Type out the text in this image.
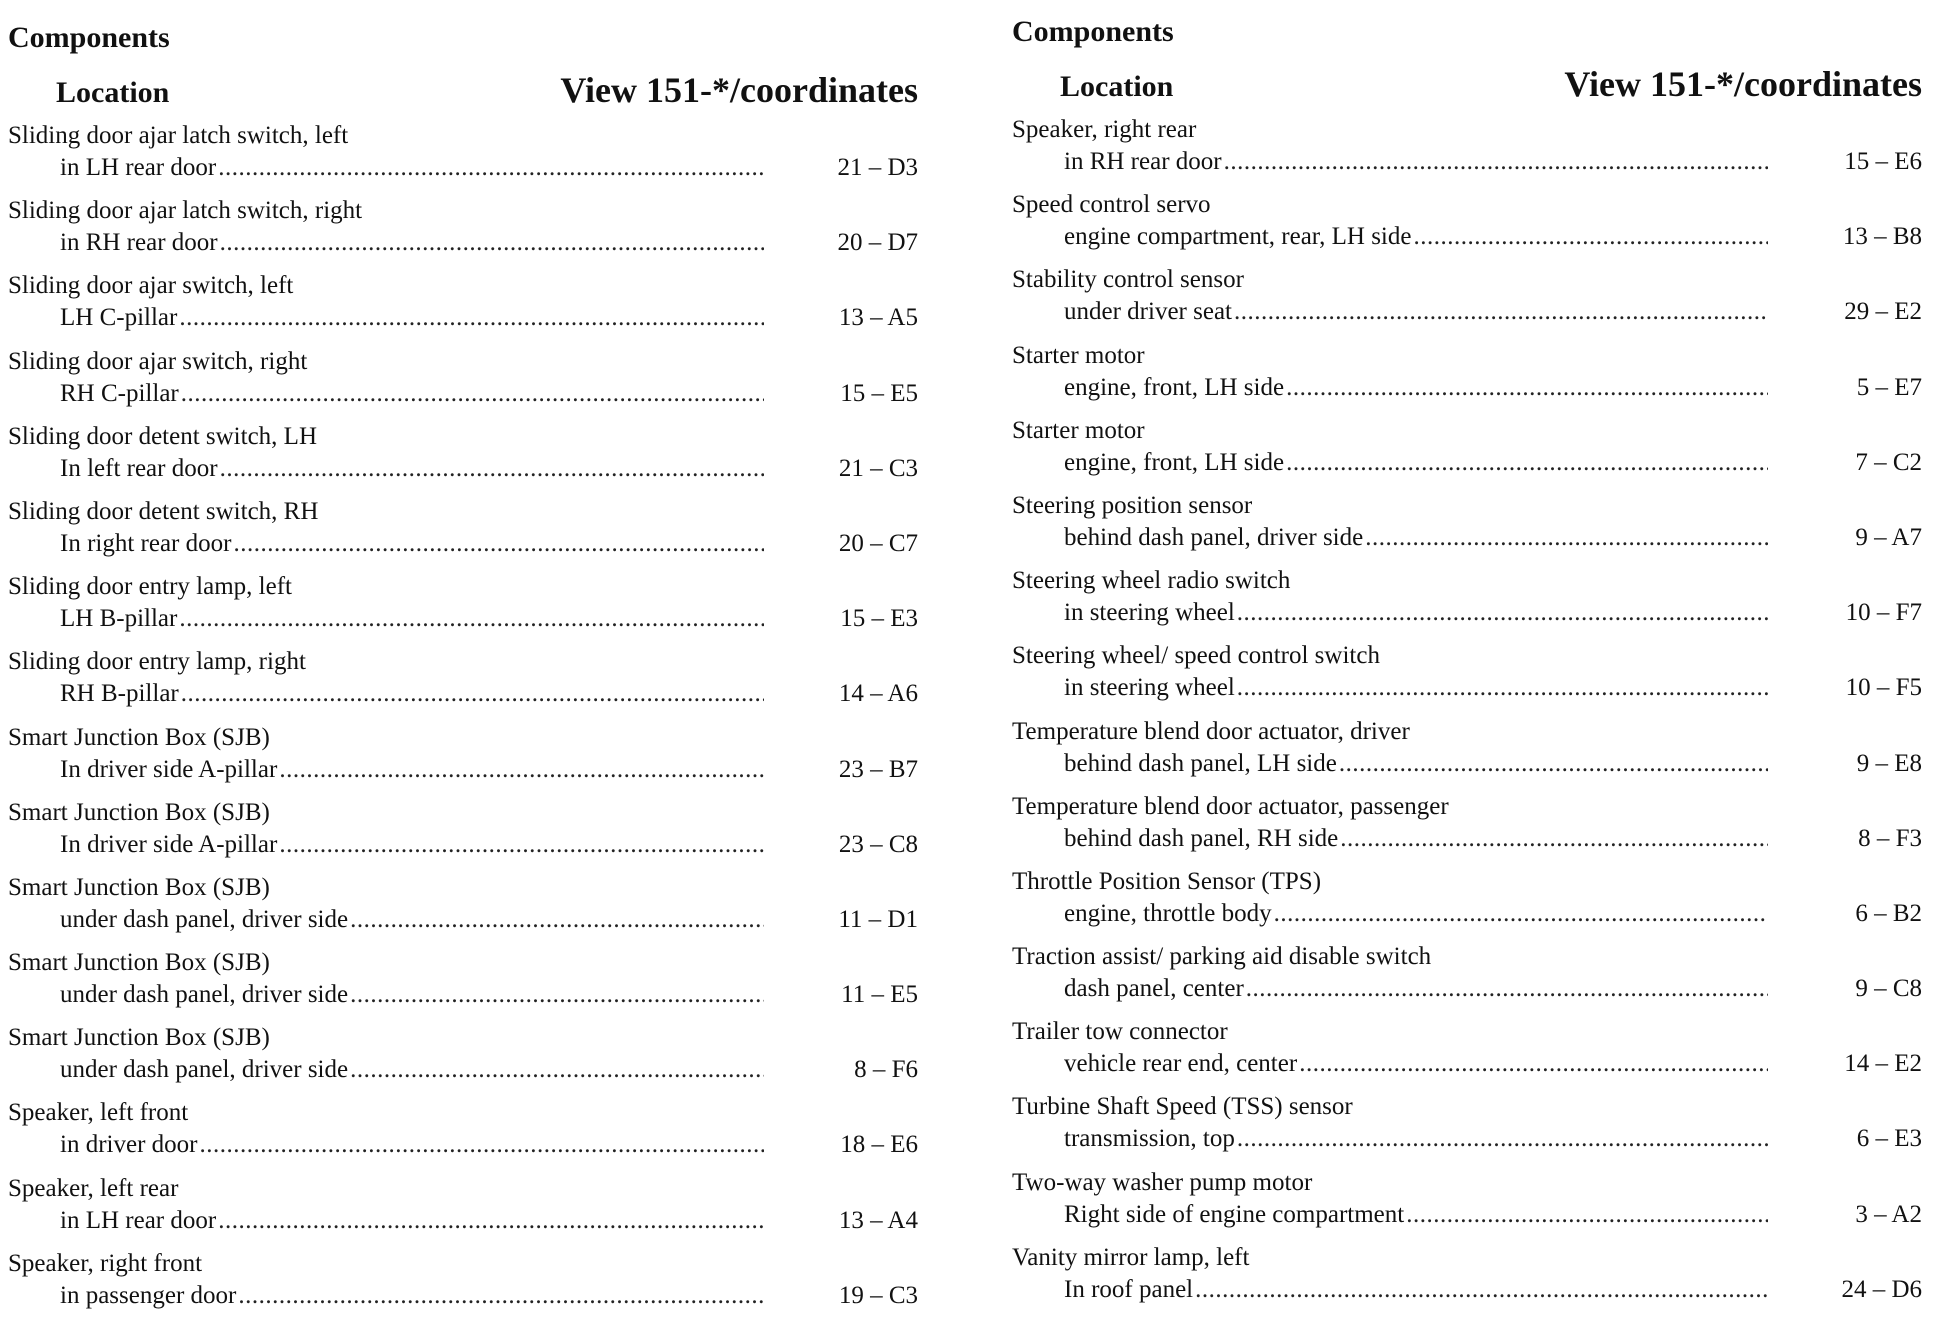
Components
Location	View 151-*/coordinates
Sliding door ajar latch switch, left
in LH rear door .....	21 – D3
Sliding door ajar latch switch, right
in RH rear door .....	20 – D7
Sliding door ajar switch, left
LH C-pillar .....	13 – A5
Sliding door ajar switch, right
RH C-pillar .....	15 – E5
Sliding door detent switch, LH
In left rear door .....	21 – C3
Sliding door detent switch, RH
In right rear door .....	20 – C7
Sliding door entry lamp, left
LH B-pillar .....	15 – E3
Sliding door entry lamp, right
RH B-pillar .....	14 – A6
Smart Junction Box (SJB)
In driver side A-pillar .....	23 – B7
Smart Junction Box (SJB)
In driver side A-pillar .....	23 – C8
Smart Junction Box (SJB)
under dash panel, driver side .....	11 – D1
Smart Junction Box (SJB)
under dash panel, driver side .....	11 – E5
Smart Junction Box (SJB)
under dash panel, driver side .....	8 – F6
Speaker, left front
in driver door .....	18 – E6
Speaker, left rear
in LH rear door .....	13 – A4
Speaker, right front
in passenger door .....	19 – C3
Components
Location	View 151-*/coordinates
Speaker, right rear
in RH rear door .....	15 – E6
Speed control servo
engine compartment, rear, LH side .....	13 – B8
Stability control sensor
under driver seat .....	29 – E2
Starter motor
engine, front, LH side .....	5 – E7
Starter motor
engine, front, LH side .....	7 – C2
Steering position sensor
behind dash panel, driver side .....	9 – A7
Steering wheel radio switch
in steering wheel .....	10 – F7
Steering wheel/ speed control switch
in steering wheel .....	10 – F5
Temperature blend door actuator, driver
behind dash panel, LH side .....	9 – E8
Temperature blend door actuator, passenger
behind dash panel, RH side .....	8 – F3
Throttle Position Sensor (TPS)
engine, throttle body .....	6 – B2
Traction assist/ parking aid disable switch
dash panel, center .....	9 – C8
Trailer tow connector
vehicle rear end, center .....	14 – E2
Turbine Shaft Speed (TSS) sensor
transmission, top .....	6 – E3
Two-way washer pump motor
Right side of engine compartment .....	3 – A2
Vanity mirror lamp, left
In roof panel .....	24 – D6
